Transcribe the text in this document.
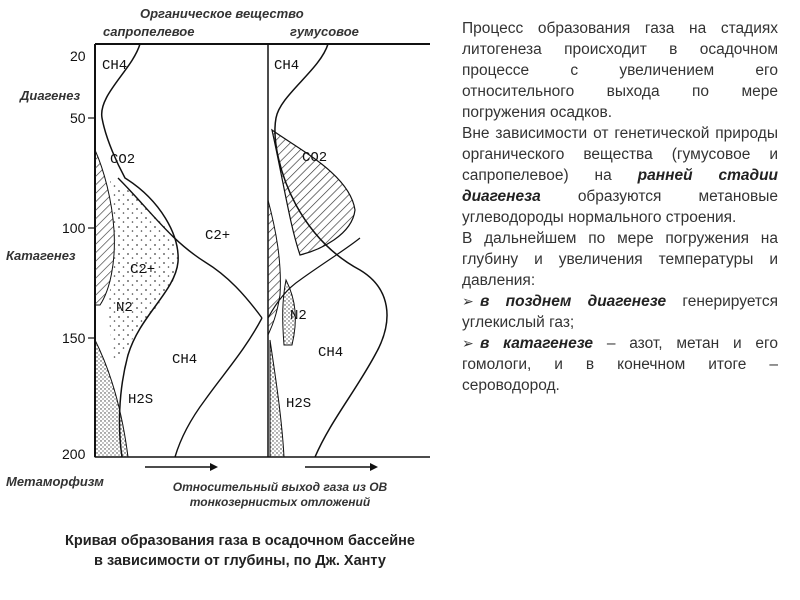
Органическое вещество
сапропелевое	гумусовое
20
50
100
150
200
Диагенез
Катагенез
Метаморфизм
CH4
CO2
C2+
C2+
N2
CH4
H2S
CH4
CO2
N2
CH4
H2S
Относительный выход газа из ОВ
тонкозернистых отложений
Кривая образования газа в осадочном бассейне
в зависимости от глубины, по Дж. Ханту

Процесс образования газа на стадиях литогенеза происходит в осадочном процессе с увеличением его относительного выхода по мере погружения осадков.

Вне зависимости от генетической природы органического вещества (гумусовое и сапропелевое) на ранней стадии диагенеза образуются метановые углеводороды нормального строения.

В дальнейшем по мере погружения на глубину и увеличения температуры и давления:

➢ в позднем диагенезе генерируется углекислый газ;

➢ в катагенезе – азот, метан и его гомологи, и в конечном итоге – сероводород.
